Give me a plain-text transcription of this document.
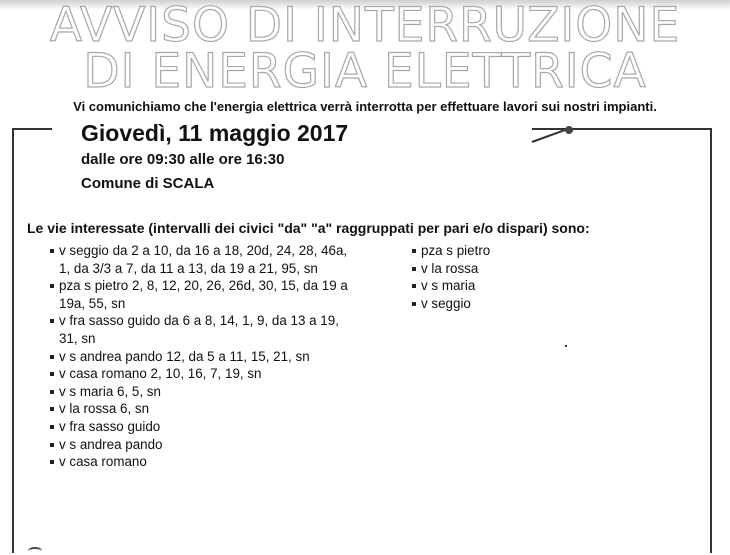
AVVISO DI INTERRUZIONE
DI ENERGIA ELETTRICA
Vi comunichiamo che l'energia elettrica verrà interrotta per effettuare lavori sui nostri impianti.
Giovedì, 11 maggio 2017
dalle ore 09:30 alle ore 16:30
Comune di SCALA
Le vie interessate (intervalli dei civici "da" "a" raggruppati per pari e/o dispari) sono:
v seggio da 2 a 10, da 16 a 18, 20d, 24, 28, 46a, 1, da 3/3 a 7, da 11 a 13, da 19 a 21, 95, sn
pza s pietro 2, 8, 12, 20, 26, 26d, 30, 15, da 19 a 19a, 55, sn
v fra sasso guido da 6 a 8, 14, 1, 9, da 13 a 19, 31, sn
v s andrea pando 12, da 5 a 11, 15, 21, sn
v casa romano 2, 10, 16, 7, 19, sn
v s maria 6, 5, sn
v la rossa 6, sn
v fra sasso guido
v s andrea pando
v casa romano
pza s pietro
v la rossa
v s maria
v seggio
